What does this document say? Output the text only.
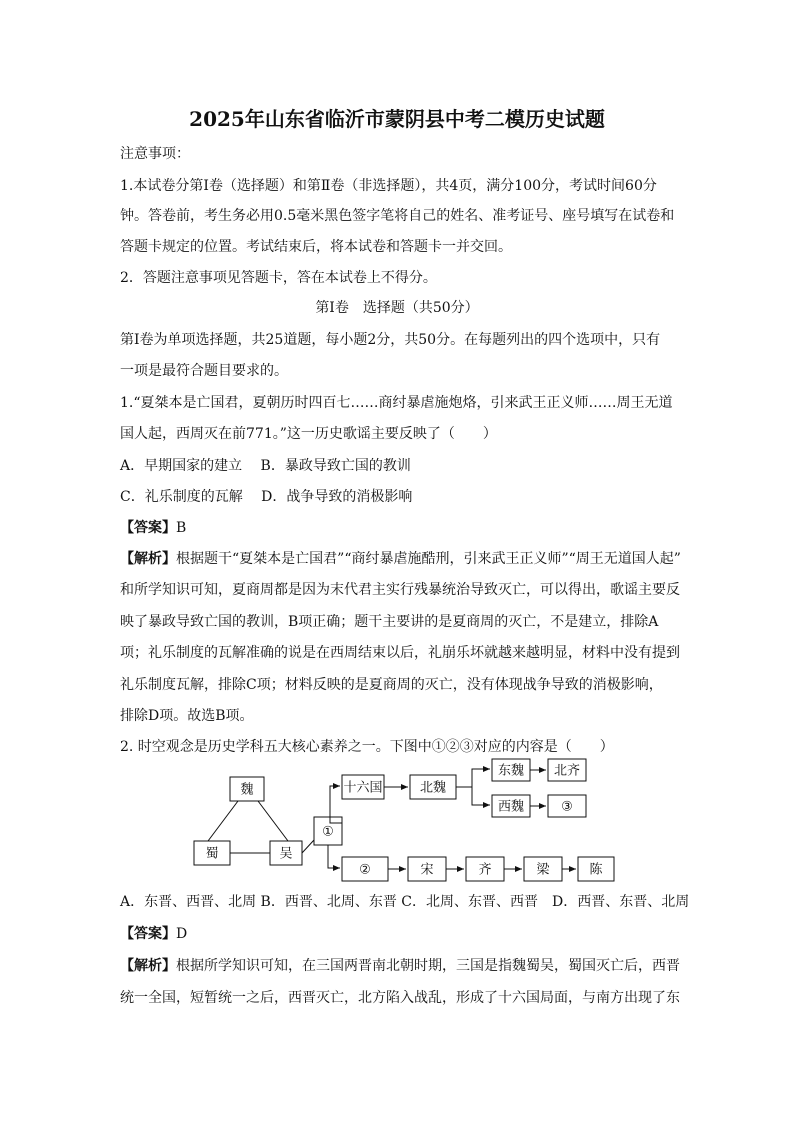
2025年山东省临沂市蒙阴县中考二模历史试题
注意事项：
1.本试卷分第Ⅰ卷（选择题）和第Ⅱ卷（非选择题），共4页，满分100分，考试时间60分
钟。答卷前，考生务必用0.5毫米黑色签字笔将自己的姓名、准考证号、座号填写在试卷和
答题卡规定的位置。考试结束后，将本试卷和答题卡一并交回。
2．答题注意事项见答题卡，答在本试卷上不得分。
第Ⅰ卷　选择题（共50分）
第Ⅰ卷为单项选择题，共25道题，每小题2分，共50分。在每题列出的四个选项中，只有
一项是最符合题目要求的。
1.“夏桀本是亡国君，夏朝历时四百七……商纣暴虐施炮烙，引来武王正义师……周王无道
国人起，西周灭在前771。”这一历史歌谣主要反映了（　　）
A．早期国家的建立　 B．暴政导致亡国的教训
C．礼乐制度的瓦解　 D．战争导致的消极影响
【答案】B
【解析】根据题干“夏桀本是亡国君”“商纣暴虐施酷刑，引来武王正义师”“周王无道国人起”
和所学知识可知，夏商周都是因为末代君主实行残暴统治导致灭亡，可以得出，歌谣主要反
映了暴政导致亡国的教训，B项正确；题干主要讲的是夏商周的灭亡，不是建立，排除A
项；礼乐制度的瓦解准确的说是在西周结束以后，礼崩乐坏就越来越明显，材料中没有提到
礼乐制度瓦解，排除C项；材料反映的是夏商周的灭亡，没有体现战争导致的消极影响，
排除D项。故选B项。
2. 时空观念是历史学科五大核心素养之一。下图中①②③对应的内容是（　　）
魏
蜀	吴
①
十六国	北魏
东魏 北齐
西魏	③
②	宋	齐	梁	陈
A．东晋、西晋、北周 B．西晋、北周、东晋 C．北周、东晋、西晋　D．西晋、东晋、北周
【答案】D
【解析】根据所学知识可知，在三国两晋南北朝时期，三国是指魏蜀吴，蜀国灭亡后，西晋
统一全国，短暂统一之后，西晋灭亡，北方陷入战乱，形成了十六国局面，与南方出现了东
